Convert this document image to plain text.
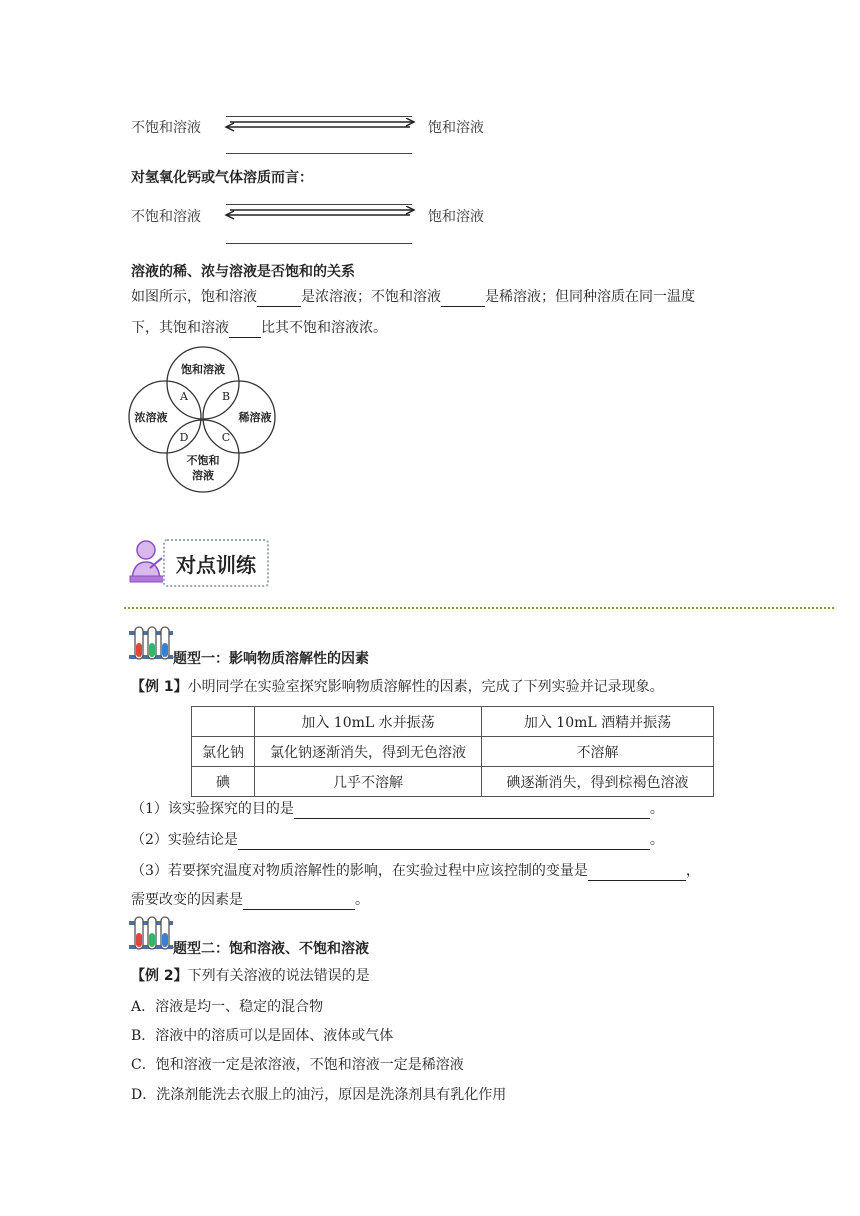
不饱和溶液	饱和溶液
对氢氧化钙或气体溶质而言：
不饱和溶液	饱和溶液
溶液的稀、浓与溶液是否饱和的关系
如图所示，饱和溶液	是浓溶液；不饱和溶液	是稀溶液；但同种溶质在同一温度
下，其饱和溶液 比其不饱和溶液浓。
饱和溶液
浓溶液	稀溶液
不饱和
溶液
A	B
C
D
对点训练
题型一：影响物质溶解性的因素
【例 1】小明同学在实验室探究影响物质溶解性的因素，完成了下列实验并记录现象。
	加入 10mL 水并振荡	加入 10mL 酒精并振荡
氯化钠	氯化钠逐渐消失，得到无色溶液	不溶解
碘	几乎不溶解	碘逐渐消失，得到棕褐色溶液
（1）该实验探究的目的是	。
（2）实验结论是	。
（3）若要探究温度对物质溶解性的影响，在实验过程中应该控制的变量是	，
需要改变的因素是	。
题型二：饱和溶液、不饱和溶液
【例 2】下列有关溶液的说法错误的是
A．溶液是均一、稳定的混合物
B．溶液中的溶质可以是固体、液体或气体
C．饱和溶液一定是浓溶液，不饱和溶液一定是稀溶液
D．洗涤剂能洗去衣服上的油污，原因是洗涤剂具有乳化作用
